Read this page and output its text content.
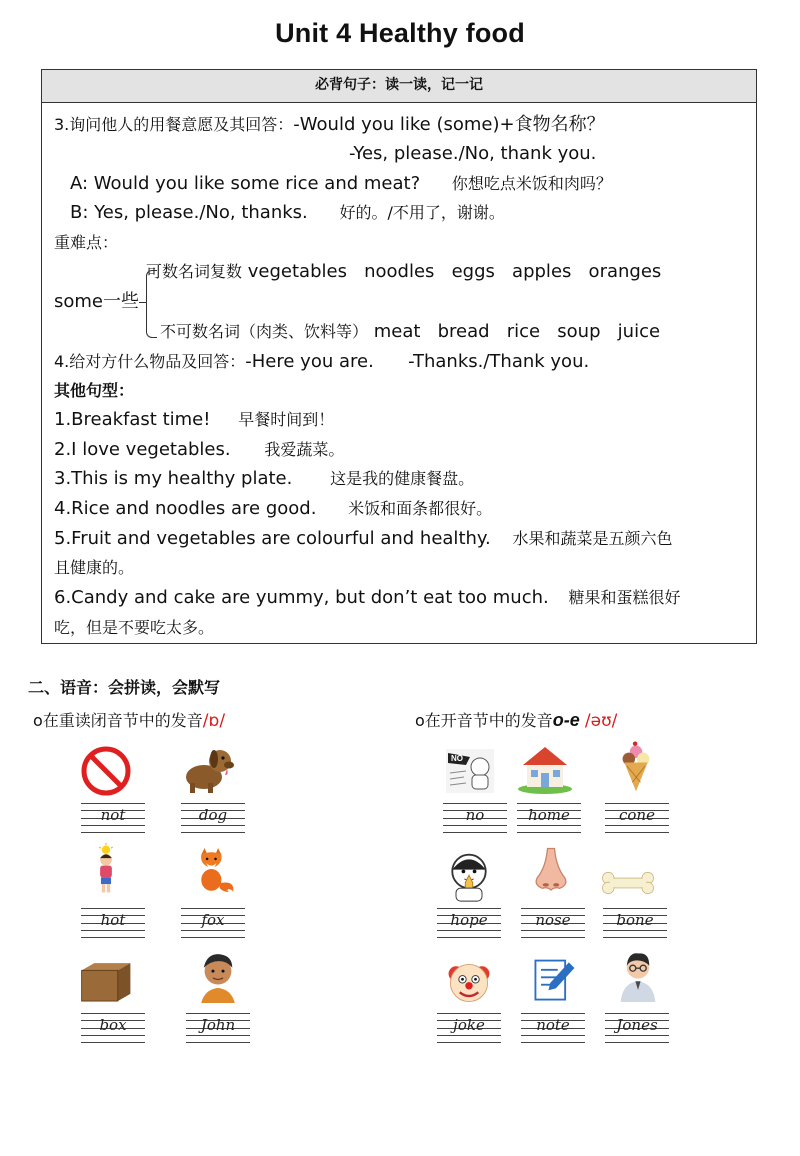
Unit 4 Healthy food
必背句子：读一读，记一记
3.询问他人的用餐意愿及其回答：-Would you like (some)+食物名称？
-Yes, please./No, thank you.
A: Would you like some rice and meat? 你想吃点米饭和肉吗？
B: Yes, please./No, thanks. 好的。/不用了，谢谢。
重难点：
可数名词复数 vegetables   noodles   eggs   apples   oranges
some一些
不可数名词（肉类、饮料等） meat   bread   rice   soup   juice
4.给对方什么物品及回答：-Here you are.      -Thanks./Thank you.
其他句型：
1.Breakfast time! 早餐时间到！
2.I love vegetables. 我爱蔬菜。
3.This is my healthy plate. 这是我的健康餐盘。
4.Rice and noodles are good. 米饭和面条都很好。
5.Fruit and vegetables are colourful and healthy. 水果和蔬菜是五颜六色
且健康的。
6.Candy and cake are yummy, but don’t eat too much. 糖果和蛋糕很好
吃，但是不要吃太多。
二、语音：会拼读，会默写
o在重读闭音节中的发音/ɒ/	o在开音节中的发音o-e /əʊ/
NO
not	dog
hot	fox
box	John
no	home	cone
hope	nose	bone
joke	note	Jones
